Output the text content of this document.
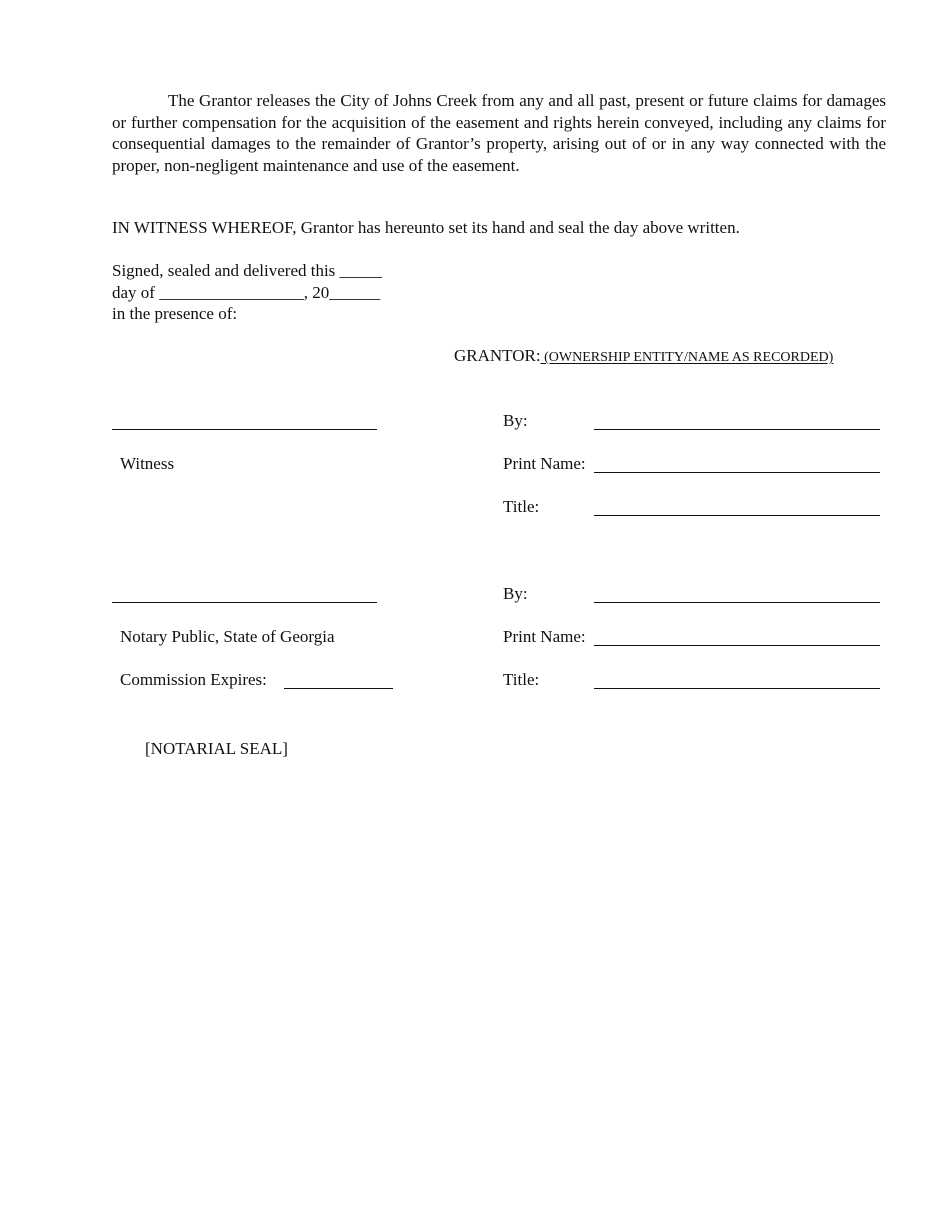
The Grantor releases the City of Johns Creek from any and all past, present or future claims for damages or further compensation for the acquisition of the easement and rights herein conveyed, including any claims for consequential damages to the remainder of Grantor’s property, arising out of or in any way connected with the proper, non-negligent maintenance and use of the easement.
IN WITNESS WHEREOF, Grantor has hereunto set its hand and seal the day above written.
Signed, sealed and delivered this _____
day of _________________, 20______
in the presence of:
GRANTOR: (OWNERSHIP ENTITY/NAME AS RECORDED)
Witness
By:
Print Name:
Title:
Notary Public, State of Georgia
Commission Expires:
By:
Print Name:
Title:
[NOTARIAL SEAL]
